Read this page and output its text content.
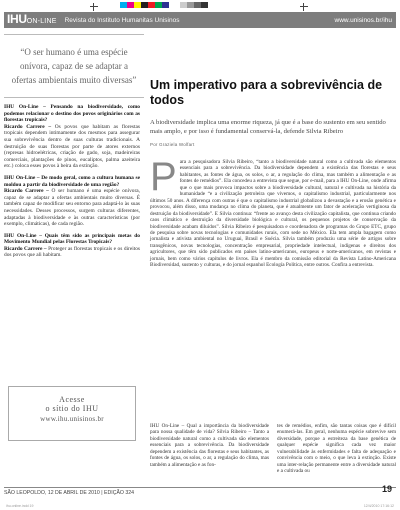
IHUON-LINE Revista do Instituto Humanitas Unisinos	www.unisinos.br/ihu
“O ser humano é uma espécie onívora, capaz de se adaptar a ofertas ambientais muito diversas”

IHU On-Line – Pensando na biodiversidade, como podemos relacionar o destino dos povos originários com as florestas tropicais?
Ricardo Carrere – Os povos que habitam as florestas tropicais dependem intimamente dos mesmos para assegurar sua sobrevivência dentro de suas culturas tradicionais. A destruição de suas florestas por parte de atores externos (represas hidroelétricas, criação de gado, soja, madeireiras comerciais, plantações de pinos, eucaliptos, palma azeiteira etc.) coloca esses povos à beira da extinção.

IHU On-Line – De modo geral, como a cultura humana se moldou a partir da biodiversidade de uma região?
Ricardo Carrere – O ser humano é uma espécie onívora, capaz de se adaptar a ofertas ambientais muito diversas. É também capaz de modificar seu entorno para adaptá-lo às suas necessidades. Desses processos, surgem culturas diferentes, adaptadas à biodiversidade e às outras características (por exemplo, climáticas), de cada região.

IHU On-Line – Quais têm sido as principais metas do Movimento Mundial pelas Florestas Tropicais?
Ricardo Carrere – Proteger as florestas tropicais e os direitos dos povos que ali habitam.

Acesse
o sítio do IHU
www.ihu.unisinos.br
Um imperativo para a sobrevivência de todos
A biodiversidade implica uma enorme riqueza, já que é a base do sustento em seu sentido mais amplo, e por isso é fundamental conservá-la, defende Silvia Ribeiro
Por Graziela Wolfart
Para a pesquisadora Silvia Ribeiro, “tanto a biodiversidade natural como a cultivada são elementos essenciais para a sobrevivência. Da biodiversidade dependem a existência das florestas e seus habitantes, as fontes de água, os solos, o ar, a regulação do clima, mas também a alimentação e as fontes de remédios”. Ela concedeu a entrevista que segue, por e-mail, para a IHU On-Line, onde afirma que o que mais provoca impactos sobre a biodiversidade cultural, natural e cultivada na história da humanidade “e a civilização petroleira que vivemos, o capitalismo industrial, particularmente nos últimos 50 anos. A diferença com outras é que o capitalismo industrial globalizou a devastação e a erosão genética e provocou, além disso, uma mudança no clima do planeta, que é atualmente um fator de aceleração vertiginosa da destruição da biodiversidade”. E Silvia continua: “frente ao avanço desta civilização capitalista, que continua criando caos climático e destruição da diversidade biológica e cultural, os pequenos projetos de conservação da biodiversidade acabam diluídos”. Silvia Ribeiro é pesquisadora e coordenadora de programas do Grupo ETC, grupo de pesquisa sobre novas tecnologias e comunidades rurais, com sede no México. Ela tem ampla bagagem como jornalista e ativista ambiental no Uruguai, Brasil e Suécia. Silvia também produziu uma série de artigos sobre transgênicos, novas tecnologias, concentração empresarial, propriedade intelectual, indígenas e direitos dos agricultores, que têm sido publicados em países latino-americanos, europeus e norte-americanos, em revistas e jornais, bem como vários capítulos de livros. Ela é membro da comissão editorial da Revista Latino-Americana Biodiversidad, sustento y culturas, e do jornal espanhol Ecología Política, entre outros. Confira a entrevista.
IHU On-Line – Qual a importância da biodiversidade para nossa qualidade de vida? Silvia Ribeiro – Tanto a biodiversidade natural como a cultivada são elementos essenciais para a sobrevivência. Da biodiversidade dependem a existência das florestas e seus habitantes, as fontes de água, os solos, o ar, a regulação do clima, mas também a alimentação e as fon-
tes de remédios, enfim, são tantas coisas que é difícil enumerá-las. Em geral, nenhuma espécie sobrevive sem diversidade, porque a estreiteza da base genética de qualquer espécie significa cada vez maior vulnerabilidade às enfermidades e falta de adequação e convivência com o meio, o que leva à extinção. Existe uma inter-relação permanente entre a diversidade natural e a cultivada ou
SÃO LEOPOLDO, 12 DE ABRIL DE 2010 | EDIÇÃO 324	19
ihu.online.indd 19	12/4/2010 17:16:12
